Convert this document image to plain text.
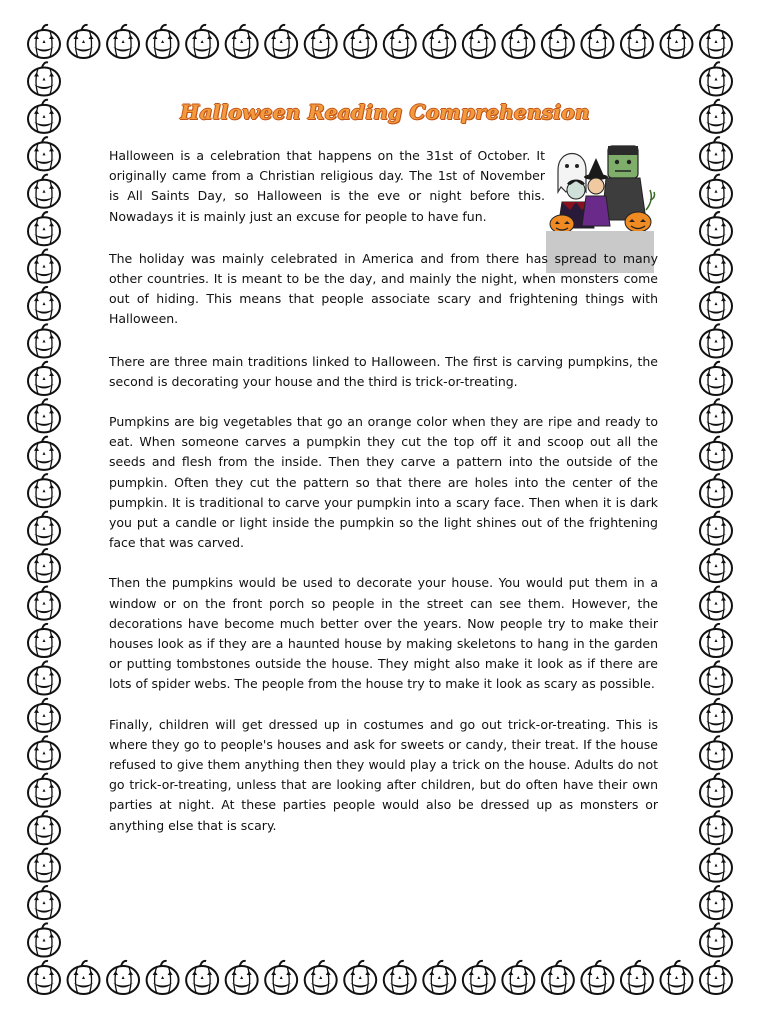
Halloween Reading Comprehension

Halloween is a celebration that happens on the 31st of October. It originally came from a Christian religious day. The 1st of November is All Saints Day, so Halloween is the eve or night before this. Nowadays it is mainly just an excuse for people to have fun.

The holiday was mainly celebrated in America and from there has spread to many other countries. It is meant to be the day, and mainly the night, when monsters come out of hiding. This means that people associate scary and frightening things with Halloween.

There are three main traditions linked to Halloween. The first is carving pumpkins, the second is decorating your house and the third is trick-or-treating.

Pumpkins are big vegetables that go an orange color when they are ripe and ready to eat. When someone carves a pumpkin they cut the top off it and scoop out all the seeds and flesh from the inside. Then they carve a pattern into the outside of the pumpkin. Often they cut the pattern so that there are holes into the center of the pumpkin. It is traditional to carve your pumpkin into a scary face. Then when it is dark you put a candle or light inside the pumpkin so the light shines out of the frightening face that was carved.

Then the pumpkins would be used to decorate your house. You would put them in a window or on the front porch so people in the street can see them. However, the decorations have become much better over the years. Now people try to make their houses look as if they are a haunted house by making skeletons to hang in the garden or putting tombstones outside the house. They might also make it look as if there are lots of spider webs. The people from the house try to make it look as scary as possible.

Finally, children will get dressed up in costumes and go out trick-or-treating. This is where they go to people's houses and ask for sweets or candy, their treat. If the house refused to give them anything then they would play a trick on the house. Adults do not go trick-or-treating, unless that are looking after children, but do often have their own parties at night. At these parties people would also be dressed up as monsters or anything else that is scary.
